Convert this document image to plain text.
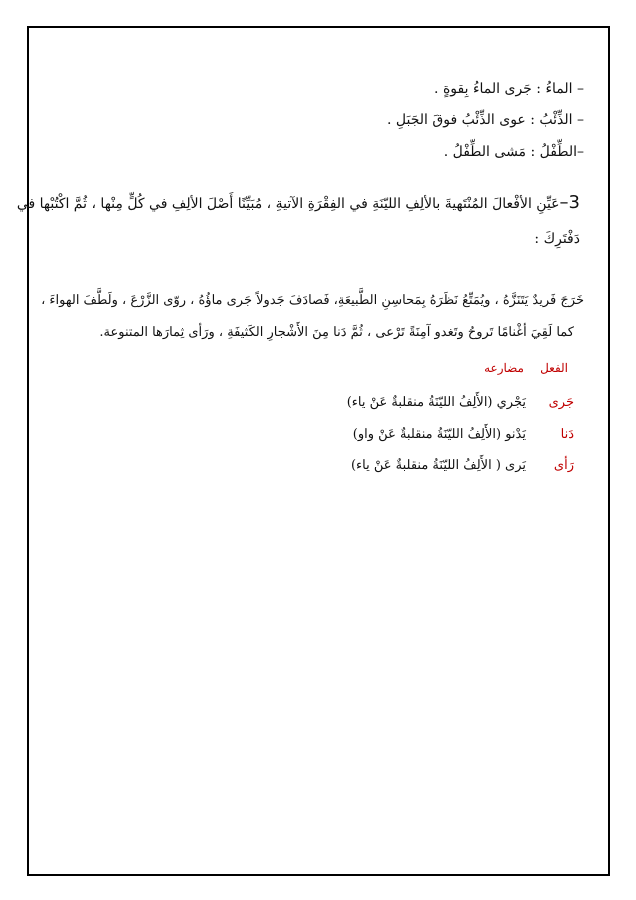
– الماءُ : جَرى الماءُ بِقوةٍ .
– الذِّئْبُ : عوى الذِّئْبُ فوقَ الجَبَلِ .
–الطِّفْلُ : مَشى الطِّفْلُ .
3–عَيِّنِ الأفْعالَ المُنْتَهيةَ بالألِفِ الليّنَةِ في الفِقْرَةِ الآتيةِ ، مُبَيِّنًا أَصْلَ الألِفِ في كُلٍّ مِنْها ، ثُمَّ اكْتُبْها في
دَفْتَرِكَ :
خَرَجَ فَريدٌ يَتَنَزَّهُ ، ويُمَتِّعُ نَظَرَهُ بِمَحاسِنِ الطَّبيعَةِ، فَصادَفَ جَدولاً جَرى ماؤُهُ ، روّى الزَّرْعَ ، ولَطَّفَ الهواءَ ،
كما لَقِيَ أغْنامًا تَروحُ وتَغدو آمِنَةً تَرْعى ، ثُمَّ دَنا مِنَ الأَشْجارِ الكَثيفَةِ ، ورَأى ثِمارَها المتنوعة.
الفعل
مضارعه
جَرى
يَجْري (الأَلِفُ الليّنَةُ منقلبةٌ عَنْ ياء)
دَنا
يَدْنو (الأَلِفُ الليّنَةُ منقلبةٌ عَنْ واو)
رَأى
يَرى ( الأَلِفُ الليّنَةُ منقلبةٌ عَنْ ياء)
